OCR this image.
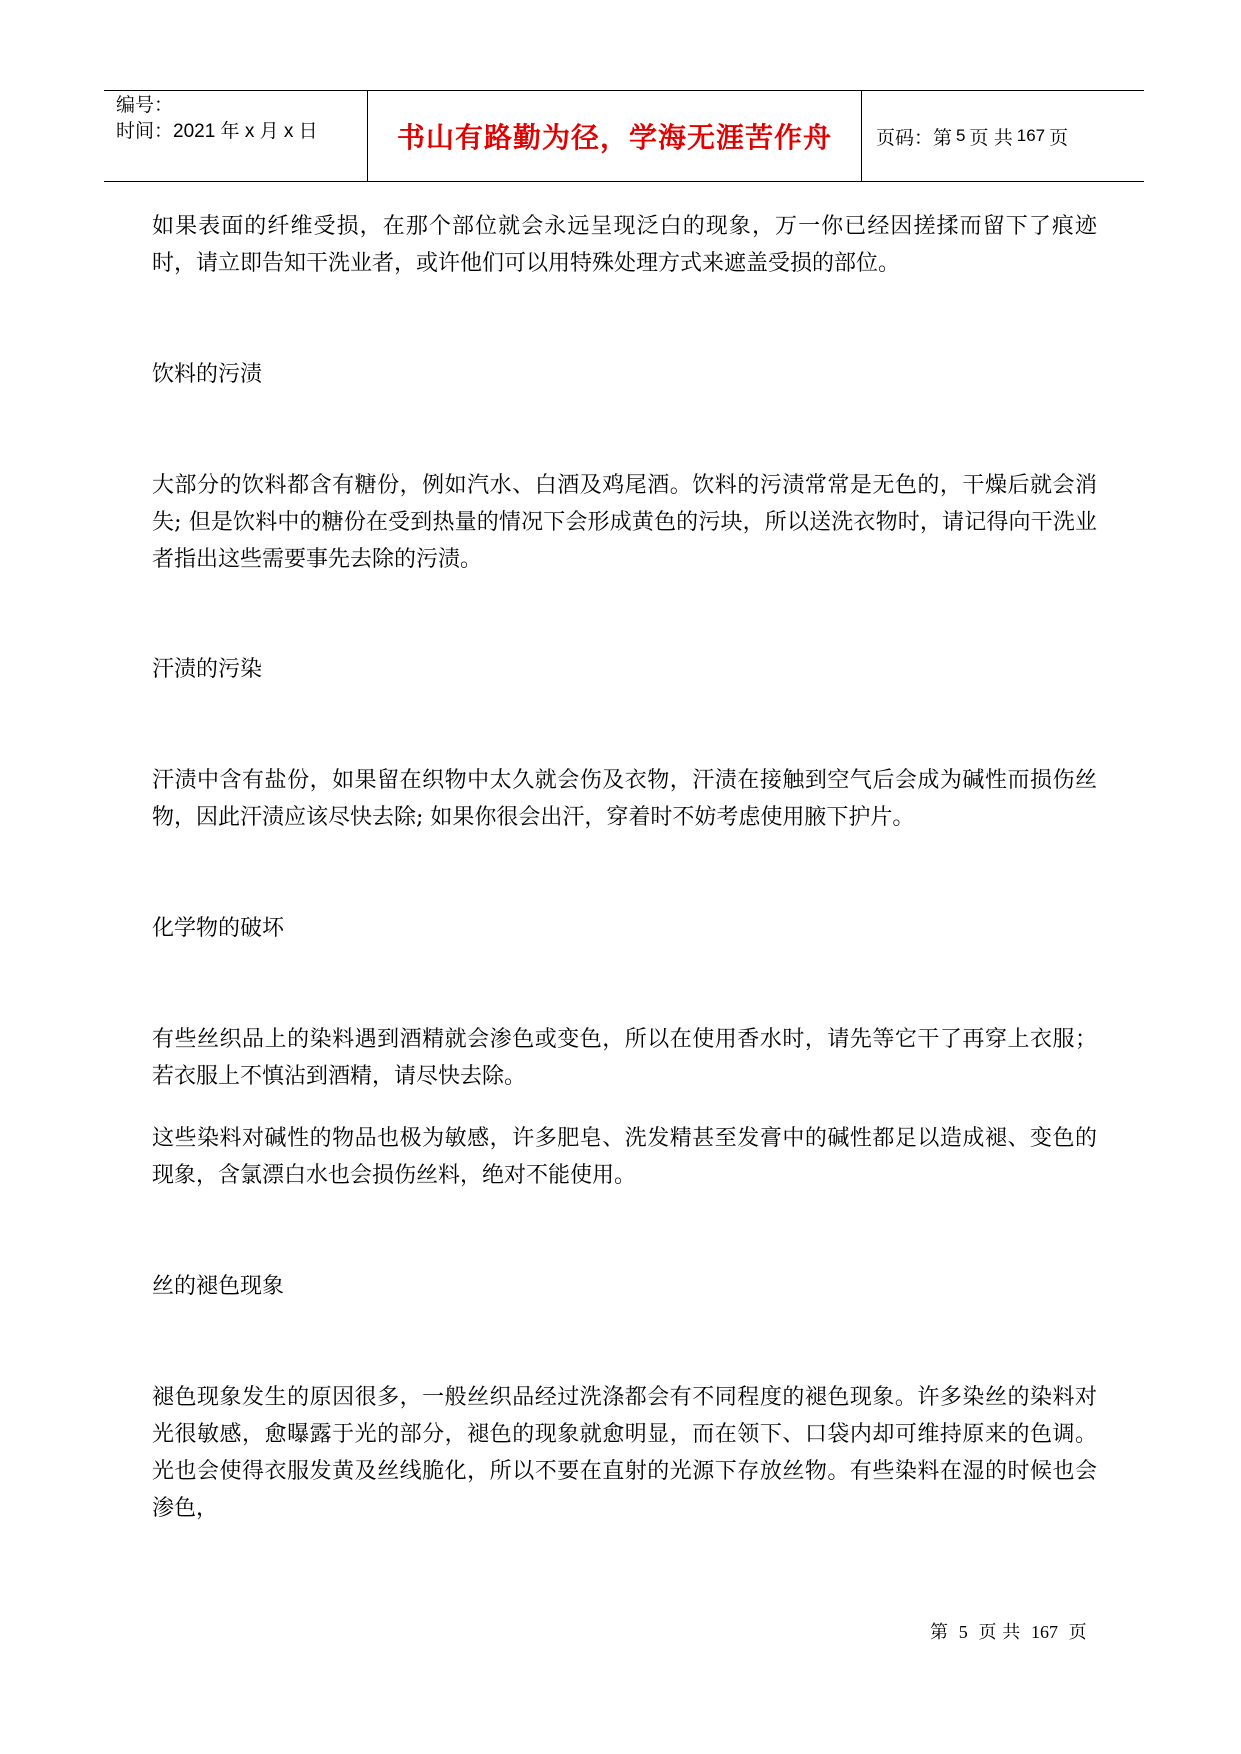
编号：
时间：2021 年 x 月 x 日	书山有路勤为径，学海无涯苦作舟 页码：第 5 页 共 167 页

如果表面的纤维受损，在那个部位就会永远呈现泛白的现象，万一你已经因搓揉而留下了痕迹时，请立即告知干洗业者，或许他们可以用特殊处理方式来遮盖受损的部位。

饮料的污渍

大部分的饮料都含有糖份，例如汽水、白酒及鸡尾酒。饮料的污渍常常是无色的，干燥后就会消失; 但是饮料中的糖份在受到热量的情况下会形成黄色的污块，所以送洗衣物时，请记得向干洗业者指出这些需要事先去除的污渍。

汗渍的污染

汗渍中含有盐份，如果留在织物中太久就会伤及衣物，汗渍在接触到空气后会成为碱性而损伤丝物，因此汗渍应该尽快去除; 如果你很会出汗，穿着时不妨考虑使用腋下护片。

化学物的破坏

有些丝织品上的染料遇到酒精就会渗色或变色，所以在使用香水时，请先等它干了再穿上衣服；若衣服上不慎沾到酒精，请尽快去除。

这些染料对碱性的物品也极为敏感，许多肥皂、洗发精甚至发膏中的碱性都足以造成褪、变色的现象，含氯漂白水也会损伤丝料，绝对不能使用。

丝的褪色现象

褪色现象发生的原因很多，一般丝织品经过洗涤都会有不同程度的褪色现象。许多染丝的染料对光很敏感，愈曝露于光的部分，褪色的现象就愈明显，而在领下、口袋内却可维持原来的色调。光也会使得衣服发黄及丝线脆化，所以不要在直射的光源下存放丝物。有些染料在湿的时候也会渗色，

第 5 页 共 167 页
